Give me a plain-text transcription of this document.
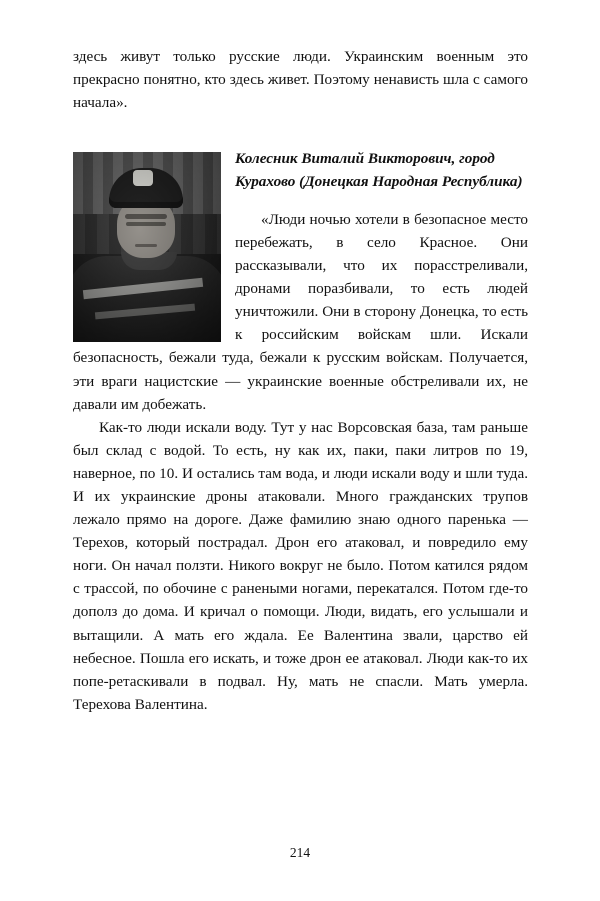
здесь живут только русские люди. Украинским военным это прекрасно понятно, кто здесь живет. Поэтому ненависть шла с самого начала».

Колесник Виталий Викторович, город Курахово (Донецкая Народная Республика)

«Люди ночью хотели в безопасное место перебежать, в село Красное. Они рассказывали, что их порасстреливали, дронами поразбивали, то есть людей уничтожили. Они в сторону Донецка, то есть к российским войскам шли. Искали безопасность, бежали туда, бежали к русским войскам. Получается, эти враги нацистские — украинские военные обстреливали их, не давали им добежать.

Как-то люди искали воду. Тут у нас Ворсовская база, там раньше был склад с водой. То есть, ну как их, паки, паки литров по 19, наверное, по 10. И остались там вода, и люди искали воду и шли туда. И их украинские дроны атаковали. Много гражданских трупов лежало прямо на дороге. Даже фамилию знаю одного паренька — Терехов, который пострадал. Дрон его атаковал, и повредило ему ноги. Он начал ползти. Никого вокруг не было. Потом катился рядом с трассой, по обочине с ранеными ногами, перекатался. Потом где-то дополз до дома. И кричал о помощи. Люди, видать, его услышали и вытащили. А мать его ждала. Ее Валентина звали, царство ей небесное. Пошла его искать, и тоже дрон ее атаковал. Люди как-то их попе-ретаскивали в подвал. Ну, мать не спасли. Мать умерла. Терехова Валентина.

214
